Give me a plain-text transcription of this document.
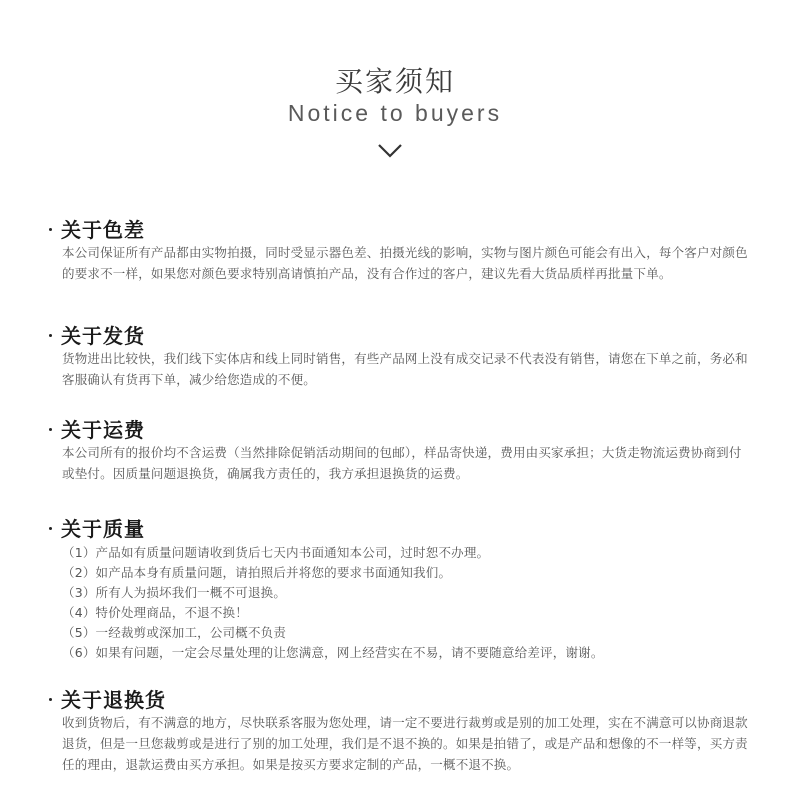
买家须知
Notice to buyers
关于色差

本公司保证所有产品都由实物拍摄，同时受显示器色差、拍摄光线的影响，实物与图片颜色可能会有出入，每个客户对颜色的要求不一样，如果您对颜色要求特别高请慎拍产品，没有合作过的客户，建议先看大货品质样再批量下单。

关于发货

货物进出比较快，我们线下实体店和线上同时销售，有些产品网上没有成交记录不代表没有销售，请您在下单之前，务必和客服确认有货再下单，减少给您造成的不便。

关于运费

本公司所有的报价均不含运费（当然排除促销活动期间的包邮），样品寄快递，费用由买家承担；大货走物流运费协商到付或垫付。因质量问题退换货，确属我方责任的，我方承担退换货的运费。

关于质量

（1）产品如有质量问题请收到货后七天内书面通知本公司，过时恕不办理。

（2）如产品本身有质量问题，请拍照后并将您的要求书面通知我们。

（3）所有人为损坏我们一概不可退换。

（4）特价处理商品，不退不换！

（5）一经裁剪或深加工，公司概不负责

（6）如果有问题，一定会尽量处理的让您满意，网上经营实在不易，请不要随意给差评，谢谢。

关于退换货

收到货物后，有不满意的地方，尽快联系客服为您处理，请一定不要进行裁剪或是别的加工处理，实在不满意可以协商退款退货，但是一旦您裁剪或是进行了别的加工处理，我们是不退不换的。如果是拍错了，或是产品和想像的不一样等，买方责任的理由，退款运费由买方承担。如果是按买方要求定制的产品，一概不退不换。
